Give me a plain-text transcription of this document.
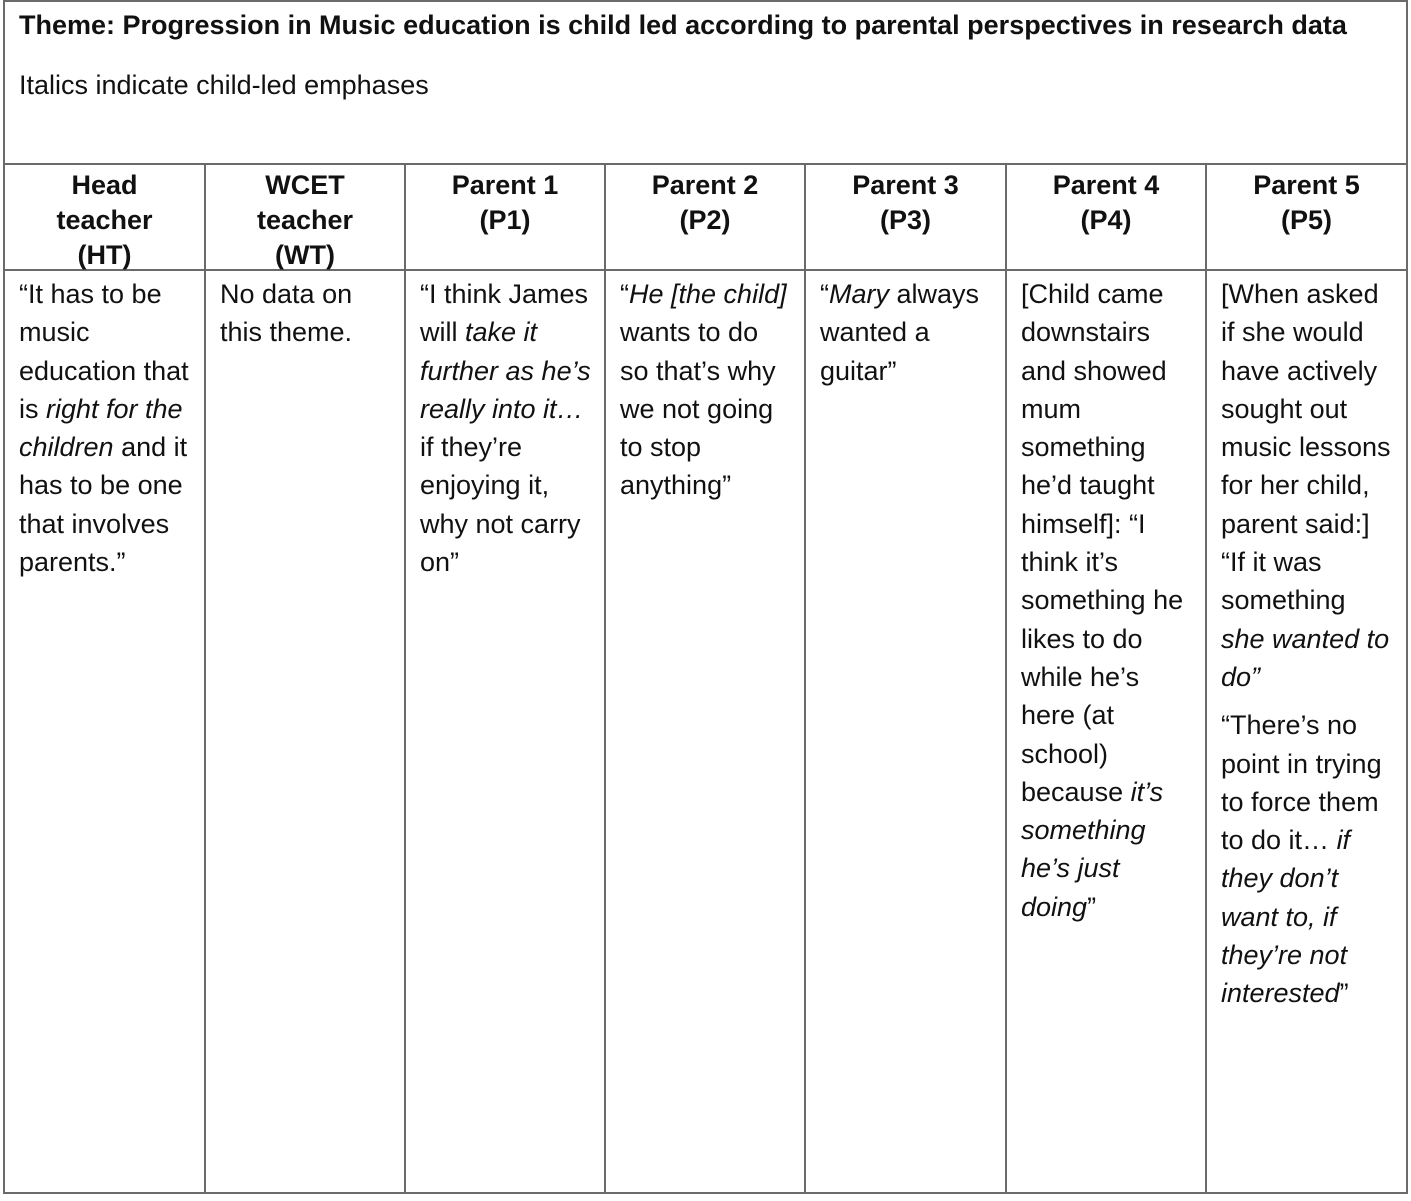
Theme: Progression in Music education is child led according to parental perspectives in research data

Italics indicate child-led emphases

Head
teacher
(HT)

“It has to be music education that is right for the children and it has to be one that involves parents.”

WCET
teacher
(WT)

No data on this theme.

Parent 1
(P1)

“I think James will take it further as he’s really into it… if they’re enjoying it, why not carry on”

Parent 2
(P2)

“He [the child] wants to do so that’s why we not going to stop anything”

Parent 3
(P3)

“Mary always wanted a guitar”

Parent 4
(P4)

[Child came downstairs and showed mum something he’d taught himself]: “I think it’s something he likes to do while he’s here (at school) because it’s something he’s just doing”

Parent 5
(P5)

[When asked if she would have actively sought out music lessons for her child, parent said:] “If it was something she wanted to do”

“There’s no point in trying to force them to do it… if they don’t want to, if they’re not interested”
